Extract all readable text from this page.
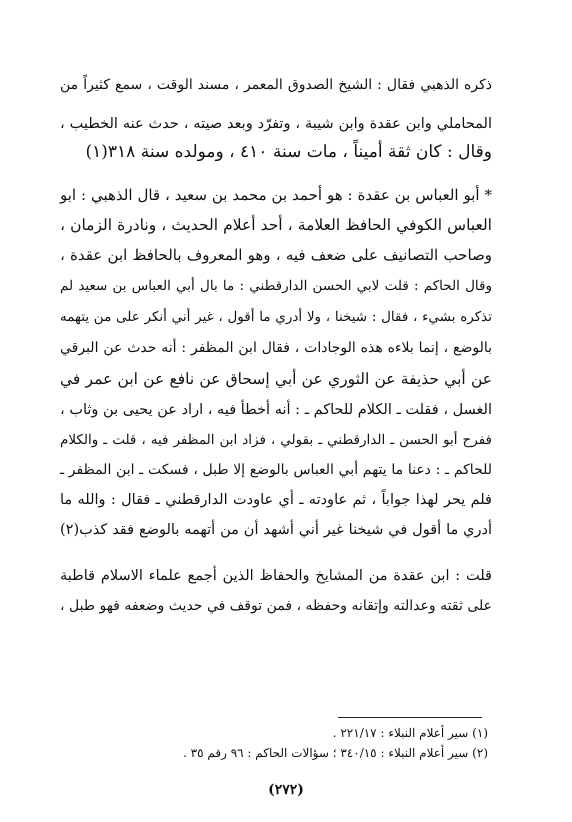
ذكره الذهبي فقال : الشيخ الصدوق المعمر ، مسند الوقت ، سمع كثيراً من
المحاملي وابن عقدة وابن شيبة ، وتفرّد وبعد صيته ، حدث عنه الخطيب ،
وقال : كان ثقة أميناً ، مات سنة ٤١٠ ، ومولده سنة ٣١٨(١)
* أبو العباس بن عقدة : هو أحمد بن محمد بن سعيد ، قال الذهبي : ابو
العباس الكوفي الحافظ العلامة ، أحد أعلام الحديث ، ونادرة الزمان ،
وصاحب التصانيف على ضعف فيه ، وهو المعروف بالحافظ ابن عقدة ،
وقال الحاكم : قلت لابي الحسن الدارقطني : ما بال أبي العباس بن سعيد لم
تذكره بشيء ، فقال : شيخنا ، ولا أدري ما أقول ، غير أني أنكر على من يتهمه
بالوضع ، إنما بلاءه هذه الوجادات ، فقال ابن المظفر : أنه حدث عن البرقي
عن أبي حذيفة عن الثوري عن أبي إسحاق عن نافع عن ابن عمر في
الغسل ، فقلت ـ الكلام للحاكم ـ : أنه أخطأ فيه ، اراد عن يحيى بن وثاب ،
ففرح أبو الحسن ـ الدارقطني ـ بقولي ، فزاد ابن المظفر فيه ، قلت ـ والكلام
للحاكم ـ : دعنا ما يتهم أبي العباس بالوضع إلا طبل ، فسكت ـ ابن المظفر ـ
فلم يحر لهذا جواباً ، ثم عاودته ـ أي عاودت الدارقطني ـ فقال : والله ما
أدري ما أقول في شيخنا غير أني أشهد أن من أتهمه بالوضع فقد كذب(٢)
قلت : ابن عقدة من المشايخ والحفاظ الذين أجمع علماء الاسلام قاطبة
على ثقته وعدالته وإتقانه وحفظه ، فمن توقف في حديث وضعفه فهو طبل ،
(١) سير أعلام النبلاء : ٢٢١/١٧ .
(٢) سير أعلام النبلاء : ٣٤٠/١٥ ؛ سؤالات الحاكم : ٩٦ رقم ٣٥ .
(٢٧٢)
